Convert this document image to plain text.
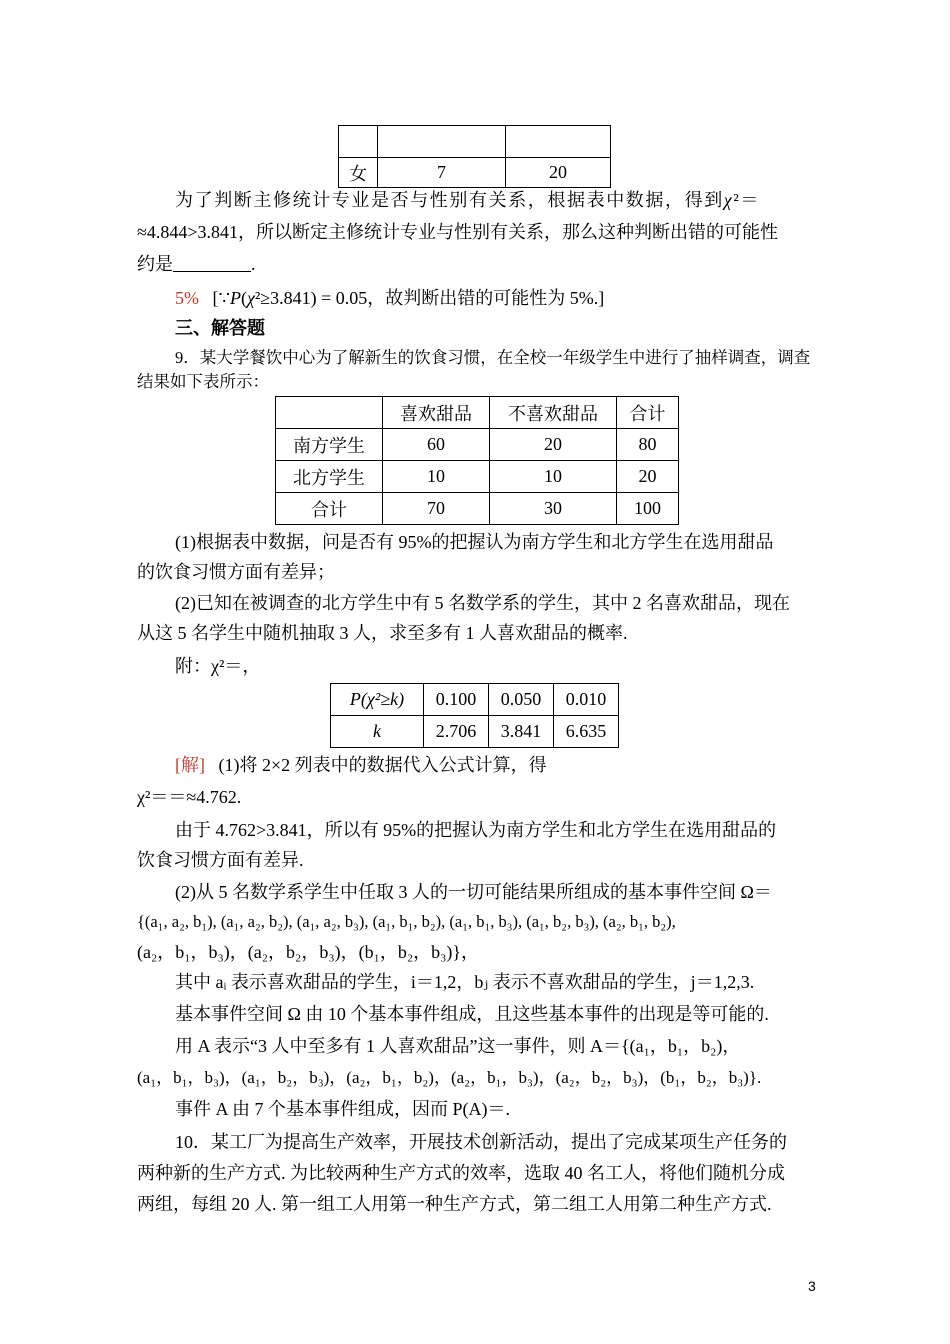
女	7	20
为了判断主修统计专业是否与性别有关系，根据表中数据，得到χ²＝
≈4.844>3.841，所以断定主修统计专业与性别有关系，那么这种判断出错的可能性
约是	.
5% [∵P(χ²≥3.841) = 0.05，故判断出错的可能性为 5%.]
三、解答题
9．某大学餐饮中心为了解新生的饮食习惯，在全校一年级学生中进行了抽样调查，调查
结果如下表所示：
	喜欢甜品	不喜欢甜品	合计
南方学生	60	20	80
北方学生	10	10	20
合计	70	30	100
(1)根据表中数据，问是否有 95%的把握认为南方学生和北方学生在选用甜品
的饮食习惯方面有差异；
(2)已知在被调查的北方学生中有 5 名数学系的学生，其中 2 名喜欢甜品，现在
从这 5 名学生中随机抽取 3 人，求至多有 1 人喜欢甜品的概率.
附：χ²＝，
P(χ²≥k)	0.100	0.050	0.010
k	2.706	3.841	6.635
[解] (1)将 2×2 列表中的数据代入公式计算，得
χ²＝＝≈4.762.
由于 4.762>3.841，所以有 95%的把握认为南方学生和北方学生在选用甜品的
饮食习惯方面有差异.
(2)从 5 名数学系学生中任取 3 人的一切可能结果所组成的基本事件空间 Ω＝
{(a₁, a₂, b₁), (a₁, a₂, b₂), (a₁, a₂, b₃), (a₁, b₁, b₂), (a₁, b₁, b₃), (a₁, b₂, b₃), (a₂, b₁, b₂),
(a₂，b₁，b₃)，(a₂，b₂，b₃)，(b₁，b₂，b₃)}，
其中 aᵢ 表示喜欢甜品的学生，i＝1,2，bⱼ 表示不喜欢甜品的学生，j＝1,2,3.
基本事件空间 Ω 由 10 个基本事件组成，且这些基本事件的出现是等可能的.
用 A 表示“3 人中至多有 1 人喜欢甜品”这一事件，则 A＝{(a₁，b₁，b₂)，
(a₁，b₁，b₃)，(a₁，b₂，b₃)，(a₂，b₁，b₂)，(a₂，b₁，b₃)，(a₂，b₂，b₃)，(b₁，b₂，b₃)}.
事件 A 由 7 个基本事件组成，因而 P(A)＝.
10．某工厂为提高生产效率，开展技术创新活动，提出了完成某项生产任务的
两种新的生产方式. 为比较两种生产方式的效率，选取 40 名工人，将他们随机分成
两组，每组 20 人. 第一组工人用第一种生产方式，第二组工人用第二种生产方式.
3
